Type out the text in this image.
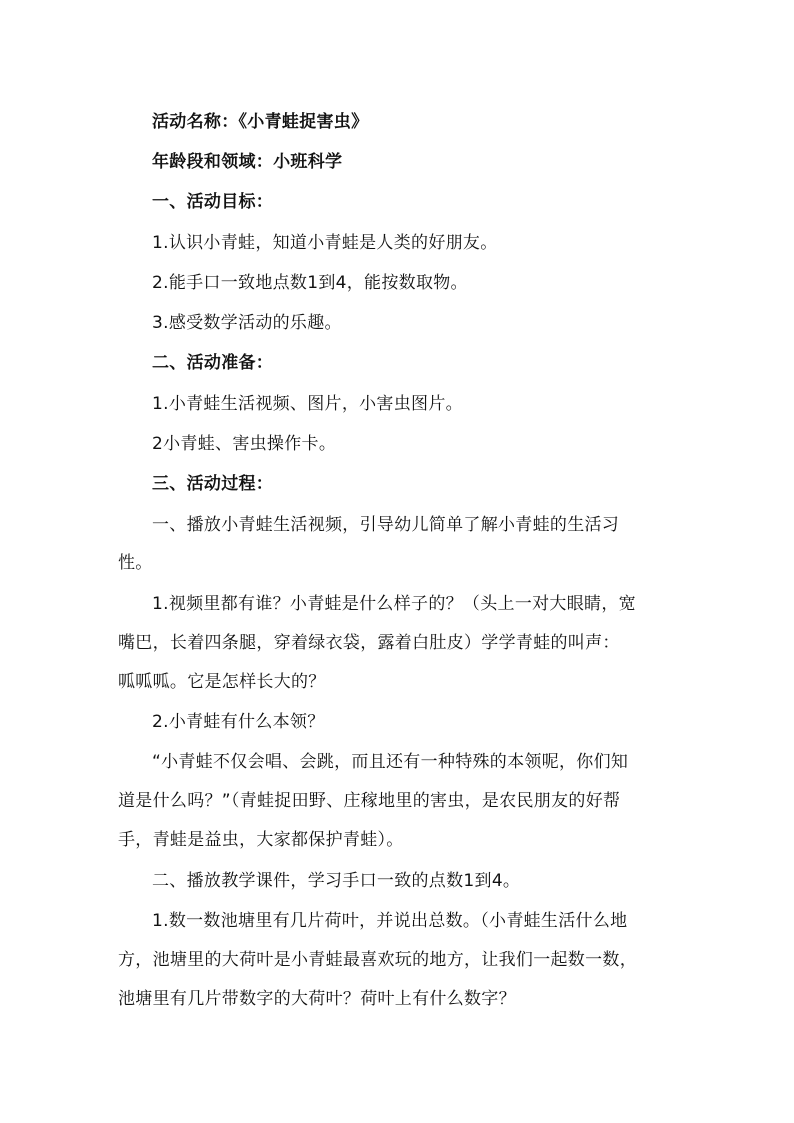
活动名称：《小青蛙捉害虫》
年龄段和领域：小班科学
一、活动目标：
1.认识小青蛙，知道小青蛙是人类的好朋友。
2.能手口一致地点数1到4，能按数取物。
3.感受数学活动的乐趣。
二、活动准备：
1.小青蛙生活视频、图片，小害虫图片。
2小青蛙、害虫操作卡。
三、活动过程：
一、播放小青蛙生活视频，引导幼儿简单了解小青蛙的生活习
性。
1.视频里都有谁？小青蛙是什么样子的？（头上一对大眼睛，宽
嘴巴，长着四条腿，穿着绿衣袋，露着白肚皮）学学青蛙的叫声：
呱呱呱。它是怎样长大的？
2.小青蛙有什么本领？
“小青蛙不仅会唱、会跳，而且还有一种特殊的本领呢，你们知
道是什么吗？”（青蛙捉田野、庄稼地里的害虫，是农民朋友的好帮
手，青蛙是益虫，大家都保护青蛙）。
二、播放教学课件，学习手口一致的点数1到4。
1.数一数池塘里有几片荷叶，并说出总数。（小青蛙生活什么地
方，池塘里的大荷叶是小青蛙最喜欢玩的地方，让我们一起数一数，
池塘里有几片带数字的大荷叶？荷叶上有什么数字？
